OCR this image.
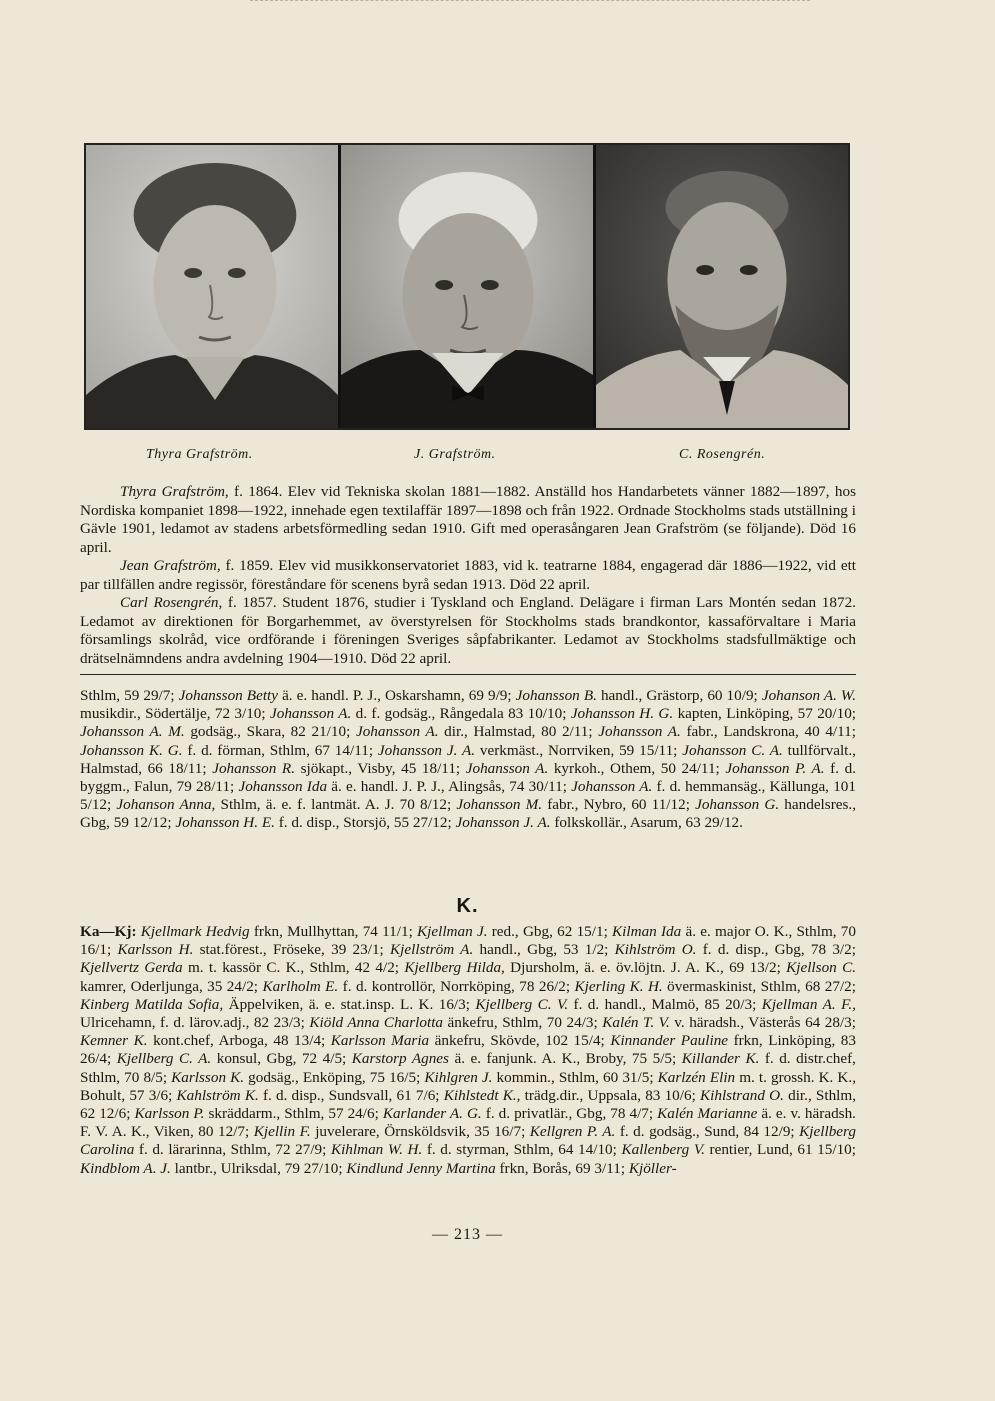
Thyra Grafström.	J. Grafström.	C. Rosengrén.

Thyra Grafström, f. 1864. Elev vid Tekniska skolan 1881—1882. Anställd hos Handarbetets vänner 1882—1897, hos Nordiska kompaniet 1898—1922, innehade egen textilaffär 1897—1898 och från 1922. Ordnade Stockholms stads utställning i Gävle 1901, ledamot av stadens arbetsförmedling sedan 1910. Gift med operasångaren Jean Grafström (se följande). Död 16 april.

Jean Grafström, f. 1859. Elev vid musikkonservatoriet 1883, vid k. teatrarne 1884, engagerad där 1886—1922, vid ett par tillfällen andre regissör, föreståndare för scenens byrå sedan 1913. Död 22 april.

Carl Rosengrén, f. 1857. Student 1876, studier i Tyskland och England. Delägare i firman Lars Montén sedan 1872. Ledamot av direktionen för Borgarhemmet, av överstyrelsen för Stockholms stads brandkontor, kassaförvaltare i Maria församlings skolråd, vice ordförande i föreningen Sveriges såpfabrikanter. Ledamot av Stockholms stadsfullmäktige och drätselnämndens andra avdelning 1904—1910. Död 22 april.

Sthlm, 59 29/7; Johansson Betty ä. e. handl. P. J., Oskarshamn, 69 9/9; Johansson B. handl., Grästorp, 60 10/9; Johanson A. W. musikdir., Södertälje, 72 3/10; Johansson A. d. f. godsäg., Rångedala 83 10/10; Johansson H. G. kapten, Linköping, 57 20/10; Johansson A. M. godsäg., Skara, 82 21/10; Johansson A. dir., Halmstad, 80 2/11; Johansson A. fabr., Landskrona, 40 4/11; Johansson K. G. f. d. förman, Sthlm, 67 14/11; Johansson J. A. verkmäst., Norrviken, 59 15/11; Johansson C. A. tullförvalt., Halmstad, 66 18/11; Johansson R. sjökapt., Visby, 45 18/11; Johansson A. kyrkoh., Othem, 50 24/11; Johansson P. A. f. d. byggm., Falun, 79 28/11; Johansson Ida ä. e. handl. J. P. J., Alingsås, 74 30/11; Johansson A. f. d. hemmansäg., Källunga, 101 5/12; Johanson Anna, Sthlm, ä. e. f. lantmät. A. J. 70 8/12; Johansson M. fabr., Nybro, 60 11/12; Johansson G. handelsres., Gbg, 59 12/12; Johansson H. E. f. d. disp., Storsjö, 55 27/12; Johansson J. A. folkskollär., Asarum, 63 29/12.
K.
Ka—Kj: Kjellmark Hedvig frkn, Mullhyttan, 74 11/1; Kjellman J. red., Gbg, 62 15/1; Kilman Ida ä. e. major O. K., Sthlm, 70 16/1; Karlsson H. stat.förest., Fröseke, 39 23/1; Kjellström A. handl., Gbg, 53 1/2; Kihlström O. f. d. disp., Gbg, 78 3/2; Kjellvertz Gerda m. t. kassör C. K., Sthlm, 42 4/2; Kjellberg Hilda, Djursholm, ä. e. öv.löjtn. J. A. K., 69 13/2; Kjellson C. kamrer, Oderljunga, 35 24/2; Karlholm E. f. d. kontrollör, Norrköping, 78 26/2; Kjerling K. H. övermaskinist, Sthlm, 68 27/2; Kinberg Matilda Sofia, Äppelviken, ä. e. stat.insp. L. K. 16/3; Kjellberg C. V. f. d. handl., Malmö, 85 20/3; Kjellman A. F., Ulricehamn, f. d. lärov.adj., 82 23/3; Kiöld Anna Charlotta änkefru, Sthlm, 70 24/3; Kalén T. V. v. häradsh., Västerås 64 28/3; Kemner K. kont.chef, Arboga, 48 13/4; Karlsson Maria änkefru, Skövde, 102 15/4; Kinnander Pauline frkn, Linköping, 83 26/4; Kjellberg C. A. konsul, Gbg, 72 4/5; Karstorp Agnes ä. e. fanjunk. A. K., Broby, 75 5/5; Killander K. f. d. distr.chef, Sthlm, 70 8/5; Karlsson K. godsäg., Enköping, 75 16/5; Kihlgren J. kommin., Sthlm, 60 31/5; Karlzén Elin m. t. grossh. K. K., Bohult, 57 3/6; Kahlström K. f. d. disp., Sundsvall, 61 7/6; Kihlstedt K., trädg.dir., Uppsala, 83 10/6; Kihlstrand O. dir., Sthlm, 62 12/6; Karlsson P. skräddarm., Sthlm, 57 24/6; Karlander A. G. f. d. privatlär., Gbg, 78 4/7; Kalén Marianne ä. e. v. häradsh. F. V. A. K., Viken, 80 12/7; Kjellin F. juvelerare, Örnsköldsvik, 35 16/7; Kellgren P. A. f. d. godsäg., Sund, 84 12/9; Kjellberg Carolina f. d. lärarinna, Sthlm, 72 27/9; Kihlman W. H. f. d. styrman, Sthlm, 64 14/10; Kallenberg V. rentier, Lund, 61 15/10; Kindblom A. J. lantbr., Ulriksdal, 79 27/10; Kindlund Jenny Martina frkn, Borås, 69 3/11; Kjöller-
— 213 —
